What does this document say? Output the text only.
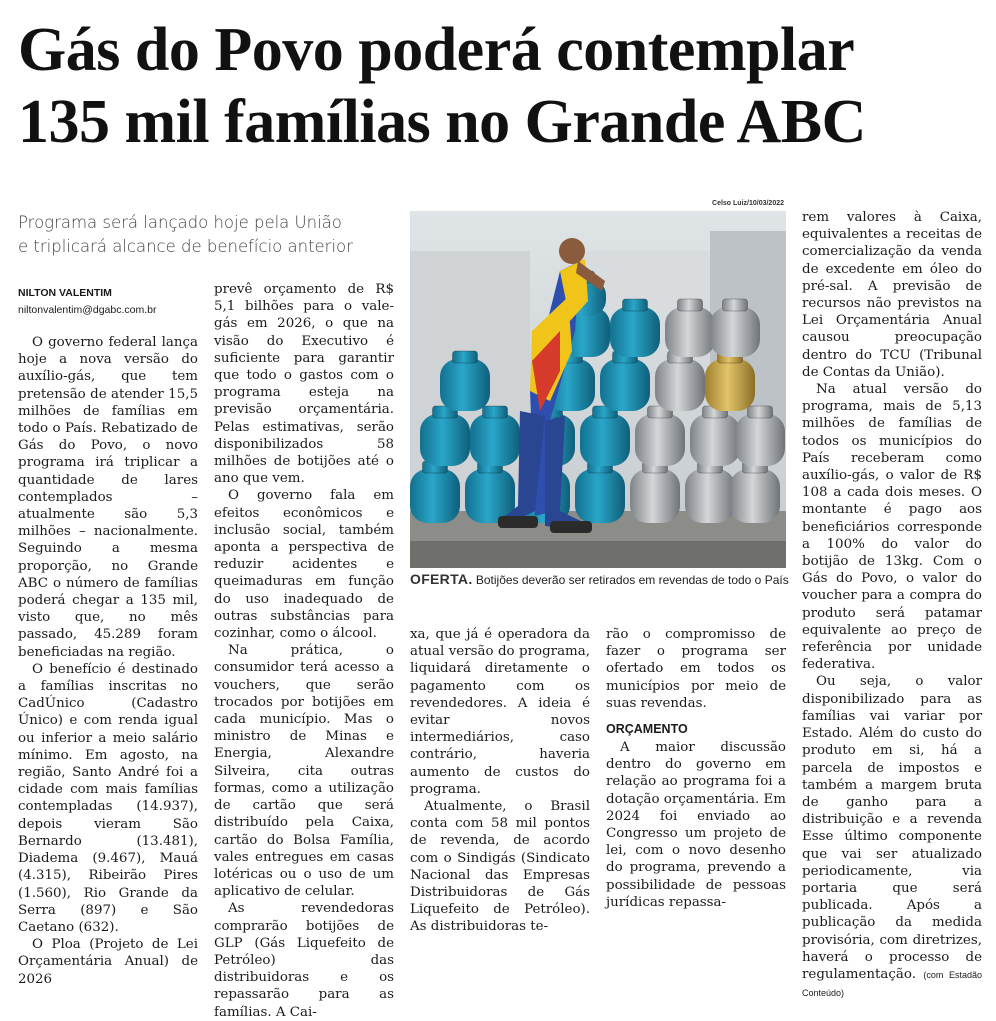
Gás do Povo poderá contemplar
135 mil famílias no Grande ABC
Programa será lançado hoje pela União
e triplicará alcance de benefício anterior
NILTON VALENTIM
niltonvalentim@dgabc.com.br

O governo federal lança hoje a nova versão do auxílio-gás, que tem pretensão de atender 15,5 milhões de famílias em todo o País. Rebatizado de Gás do Povo, o novo programa irá triplicar a quantidade de lares contemplados – atualmente são 5,3 milhões – nacionalmente. Seguindo a mesma proporção, no Grande ABC o número de famílias poderá chegar a 135 mil, visto que, no mês passado, 45.289 foram beneficiadas na região.

O benefício é destinado a famílias inscritas no CadÚnico (Cadastro Único) e com renda igual ou inferior a meio salário mínimo. Em agosto, na região, Santo André foi a cidade com mais famílias contempladas (14.937), depois vieram São Bernardo (13.481), Diadema (9.467), Mauá (4.315), Ribeirão Pires (1.560), Rio Grande da Serra (897) e São Caetano (632).

O Ploa (Projeto de Lei Orçamentária Anual) de 2026

prevê orçamento de R$ 5,1 bilhões para o vale-gás em 2026, o que na visão do Executivo é suficiente para garantir que todo o gastos com o programa esteja na previsão orçamentária. Pelas estimativas, serão disponibilizados 58 milhões de botijões até o ano que vem.

O governo fala em efeitos econômicos e inclusão social, também aponta a perspectiva de reduzir acidentes e queimaduras em função do uso inadequado de outras substâncias para cozinhar, como o álcool.

Na prática, o consumidor terá acesso a vouchers, que serão trocados por botijões em cada município. Mas o ministro de Minas e Energia, Alexandre Silveira, cita outras formas, como a utilização de cartão que será distribuído pela Caixa, cartão do Bolsa Família, vales entregues em casas lotéricas ou o uso de um aplicativo de celular.

As revendedoras comprarão botijões de GLP (Gás Liquefeito de Petróleo) das distribuidoras e os repassarão para as famílias. A Cai-

Celso Luiz/10/03/2022
OFERTA. Botijões deverão ser retirados em revendas de todo o País

xa, que já é operadora da atual versão do programa, liquidará diretamente o pagamento com os revendedores. A ideia é evitar novos intermediários, caso contrário, haveria aumento de custos do programa.

Atualmente, o Brasil conta com 58 mil pontos de revenda, de acordo com o Sindigás (Sindicato Nacional das Empresas Distribuidoras de Gás Liquefeito de Petróleo). As distribuidoras te-

rão o compromisso de fazer o programa ser ofertado em todos os municípios por meio de suas revendas.

ORÇAMENTO

A maior discussão dentro do governo em relação ao programa foi a dotação orçamentária. Em 2024 foi enviado ao Congresso um projeto de lei, com o novo desenho do programa, prevendo a possibilidade de pessoas jurídicas repassa-

rem valores à Caixa, equivalentes a receitas de comercialização da venda de excedente em óleo do pré-sal. A previsão de recursos não previstos na Lei Orçamentária Anual causou preocupação dentro do TCU (Tribunal de Contas da União).

Na atual versão do programa, mais de 5,13 milhões de famílias de todos os municípios do País receberam como auxílio-gás, o valor de R$ 108 a cada dois meses. O montante é pago aos beneficiários corresponde a 100% do valor do botijão de 13kg. Com o Gás do Povo, o valor do voucher para a compra do produto será patamar equivalente ao preço de referência por unidade federativa.

Ou seja, o valor disponibilizado para as famílias vai variar por Estado. Além do custo do produto em si, há a parcela de impostos e também a margem bruta de ganho para a distribuição e a revenda Esse último componente que vai ser atualizado periodicamente, via portaria que será publicada. Após a publicação da medida provisória, com diretrizes, haverá o processo de regulamentação. (com Estadão Conteúdo)
